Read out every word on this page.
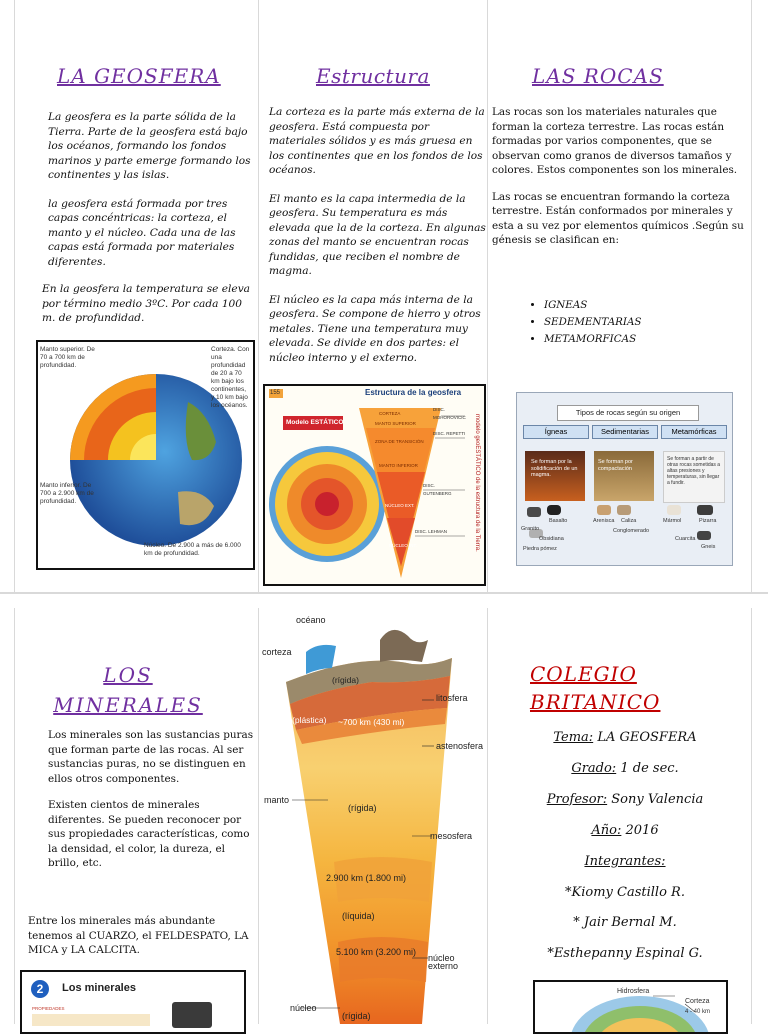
LA GEOSFERA

La geosfera es la parte sólida de la Tierra. Parte de la geosfera está bajo los océanos, formando los fondos marinos y parte emerge formando los continentes y las islas.

la geosfera está formada por tres capas concéntricas: la corteza, el manto y el núcleo. Cada una de las capas está formada por materiales diferentes.

En la geosfera la temperatura se eleva por término medio 3ºC. Por cada 100 m. de profundidad.
Manto superior. De 70 a 700 km de profundidad.
Corteza. Con una profundidad de 20 a 70 km bajo los continentes, y 10 km bajo los océanos.
Manto inferior. De 700 a 2.900 km de profundidad.
Núcleo. De 2.900 a más de 6.000 km de profundidad.
Estructura

La corteza es la parte más externa de la geosfera. Está compuesta por materiales sólidos y es más gruesa en los continentes que en los fondos de los océanos.

El manto es la capa intermedia de la geosfera. Su temperatura es más elevada que la de la corteza. En algunas zonas del manto se encuentran rocas fundidas, que reciben el nombre de magma.

El núcleo es la capa más interna de la geosfera. Se compone de hierro y otros metales. Tiene una temperatura muy elevada. Se divide en dos partes: el núcleo interno y el externo.

155	Estructura de la geosfera
Modelo ESTÁTICO	modelo geoESTÁTICO de la estructura de la Tierra.
CORTEZA
MANTO SUPERIOR
ZONA DE TRANSICIÓN
MANTO INFERIOR
NÚCLEO EXT.
NÚCLEO INT.
DISC. MOHOROVICIC
DISC. REPETTI
DISC. GUTENBERG
DISC. LEHMAN
LAS ROCAS

Las rocas son los materiales naturales que forman la corteza terrestre. Las rocas están formadas por varios componentes, que se observan como granos de diversos tamaños y colores. Estos componentes son los minerales.

Las rocas se encuentran formando la corteza terrestre. Están conformados por minerales y esta a su vez por elementos químicos .Según su génesis se clasifican en:

• IGNEAS
• SEDEMENTARIAS
• METAMORFICAS
Tipos de rocas según su origen
Ígneas	Sedimentarias	Metamórficas
Se forman por la solidificación de un magma.
Se forman por compactación
Se forman a partir de otras rocas sometidas a altas presiones y temperaturas, sin llegar a fundir.
Basalto
Granito
Obsidiana
Piedra pómez
Arenisca Caliza
Conglomerado
Mármol
Cuarcita
Pizarra
Gneis
LOS MINERALES

Los minerales son las sustancias puras que forman parte de las rocas. Al ser sustancias puras, no se distinguen en ellos otros componentes.

Existen cientos de minerales diferentes. Se pueden reconocer por sus propiedades características, como la densidad, el color, la dureza, el brillo, etc.

Entre los minerales más abundante tenemos al CUARZO, el FELDESPATO, LA MICA y LA CALCITA.
2	Los minerales
PROPIEDADES
océano
corteza
(rígida)
(plástica) ~700 km (430 mi)
litosfera
astenosfera
manto
(rígida)
mesosfera
2.900 km (1.800 mi)
(líquida)
5.100 km (3.200 mi)
núcleo externo
núcleo
(rígida)
COLEGIO BRITANICO
Tema: LA GEOSFERA
Grado: 1 de sec.
Profesor: Sony Valencia
Año: 2016
Integrantes:
*Kiomy Castillo R.
* Jair Bernal M.
*Esthepanny Espinal G.
Hidrosfera
Corteza
4 - 40 km
